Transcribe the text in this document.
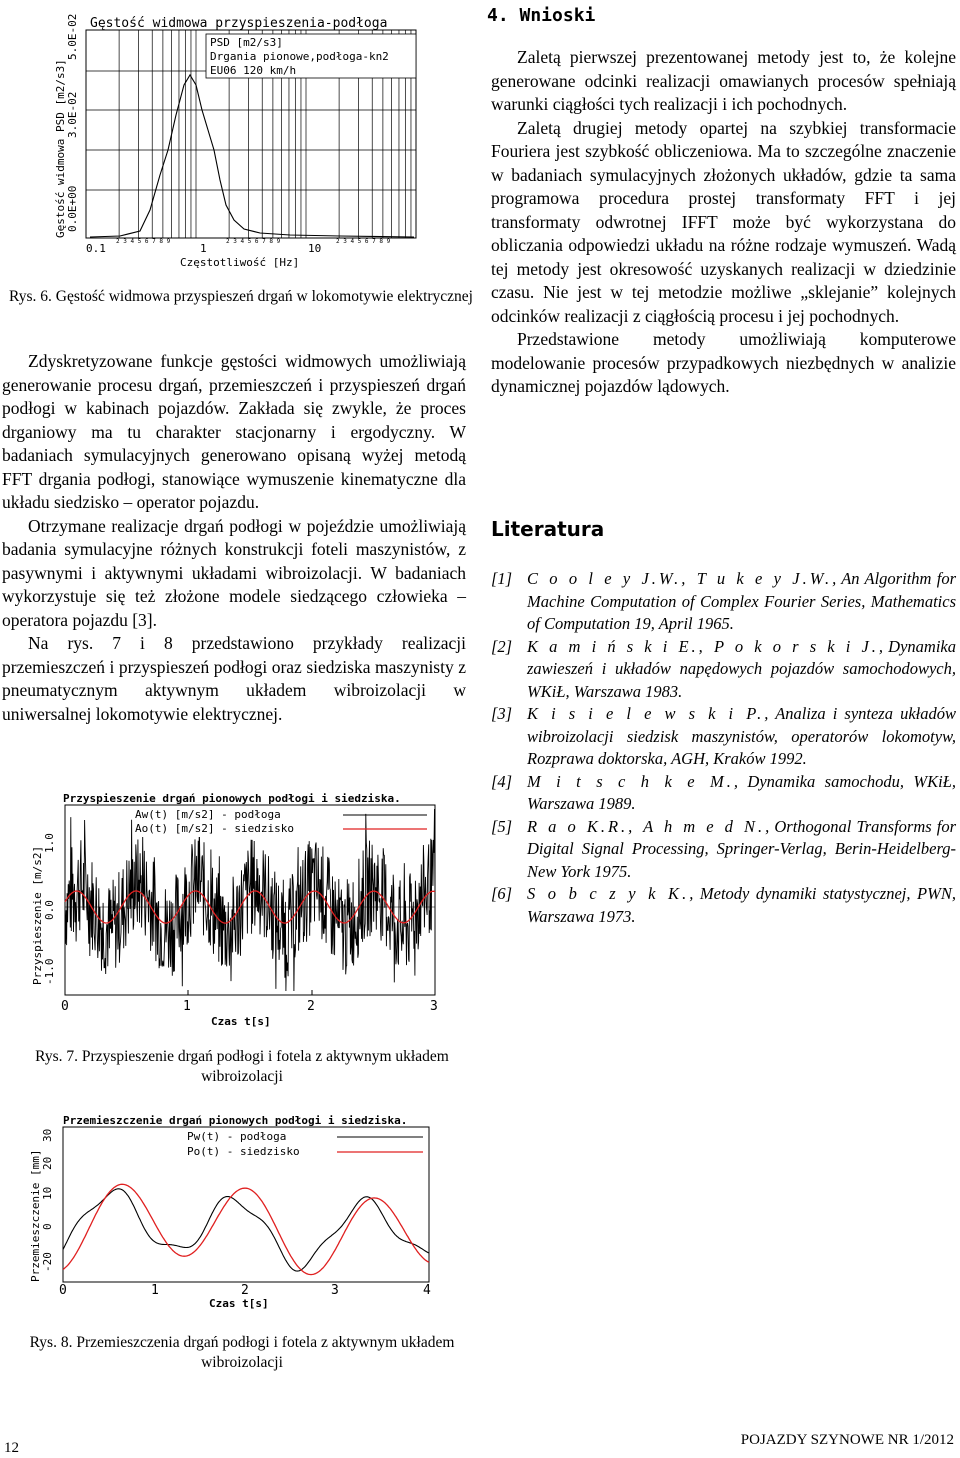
Gęstość widmowa przyspieszenia-podłoga
Gęstość widmowa PSD [m2/s3]
Częstotliwość [Hz]
0.0E+00
3.0E-02
5.0E-02
0.1	1	10
2 3 4 5 6 7 8 9	2 3 4 5 6 7 8 9	2 3 4 5 6 7 8 9
PSD [m2/s3]
Drgania pionowe,podłoga-kn2
EU06 120 km/h
Rys. 6. Gęstość widmowa przyspieszeń drgań w lokomotywie elektrycznej

Zdyskretyzowane funkcje gęstości widmowych umożliwiają generowanie procesu drgań, przemieszczeń i przyspieszeń drgań podłogi w kabinach pojazdów. Zakłada się zwykle, że proces drganiowy ma tu charakter stacjonarny i ergodyczny. W badaniach symulacyjnych generowano opisaną wyżej metodą FFT drgania podłogi, stanowiące wymuszenie kinematyczne dla układu siedzisko – operator pojazdu.

Otrzymane realizacje drgań podłogi w pojeździe umożliwiają badania symulacyjne różnych konstrukcji foteli maszynistów, z pasywnymi i aktywnymi układami wibroizolacji. W badaniach wykorzystuje się też złożone modele siedzącego człowieka – operatora pojazdu [3].

Na rys. 7 i 8 przedstawiono przykłady realizacji przemieszczeń i przyspieszeń podłogi oraz siedziska maszynisty z pneumatycznym aktywnym układem wibroizolacji w uniwersalnej lokomotywie elektrycznej.

Przyspieszenie drgań pionowych podłogi i siedziska.
Przyspieszenie [m/s2] -1.0
0.0
1.0
0	1	2	3
Czas t[s]
Aw(t) [m/s2] - podłoga
Ao(t) [m/s2] - siedzisko
Rys. 7. Przyspieszenie drgań podłogi i fotela z aktywnym układem wibroizolacji
Przemieszczenie drgań pionowych podłogi i siedziska.
Przemieszczenie [mm] -20
0
10
20
30
0	1	2	3	4
Czas t[s]
Pw(t) - podłoga
Po(t) - siedzisko
Rys. 8. Przemieszczenia drgań podłogi i fotela z aktywnym układem wibroizolacji
4. Wnioski

Zaletą pierwszej prezentowanej metody jest to, że kolejne generowane odcinki realizacji omawianych procesów spełniają warunki ciągłości tych realizacji i ich pochodnych.

Zaletą drugiej metody opartej na szybkiej transformacie Fouriera jest szybkość obliczeniowa. Ma to szczególne znaczenie w badaniach symulacyjnych złożonych układów, gdzie ta sama programowa procedura prostej transformaty FFT i jej transformaty odwrotnej IFFT może być wykorzystana do obliczania odpowiedzi układu na różne rodzaje wymuszeń. Wadą tej metody jest okresowość uzyskanych realizacji w dziedzinie czasu. Nie jest w tej metodzie możliwe „sklejanie” kolejnych odcinków realizacji z ciągłością procesu i jej pochodnych.

Przedstawione metody umożliwiają komputerowe modelowanie procesów przypadkowych niezbędnych w analizie dynamicznej pojazdów lądowych.

Literatura
[1] C o o l e y J.W., T u k e y J.W., An Algorithm for Machine Computation of Complex Fourier Series, Mathematics of Computation 19, April 1965.
[2] K a m i ń s k i E., P o k o r s k i J., Dynamika zawieszeń i układów napędowych pojazdów samochodowych, WKiŁ, Warszawa 1983.
[3] K i s i e l e w s k i P., Analiza i synteza układów wibroizolacji siedzisk maszynistów, operatorów lokomotyw, Rozprawa doktorska, AGH, Kraków 1992.
[4] M i t s c h k e M., Dynamika samochodu, WKiŁ, Warszawa 1989.
[5] R a o K.R., A h m e d N., Orthogonal Transforms for Digital Signal Processing, Springer-Verlag, Berin-Heidelberg-New York 1975.
[6] S o b c z y k K., Metody dynamiki statystycznej, PWN, Warszawa 1973.
12	POJAZDY SZYNOWE NR 1/2012
